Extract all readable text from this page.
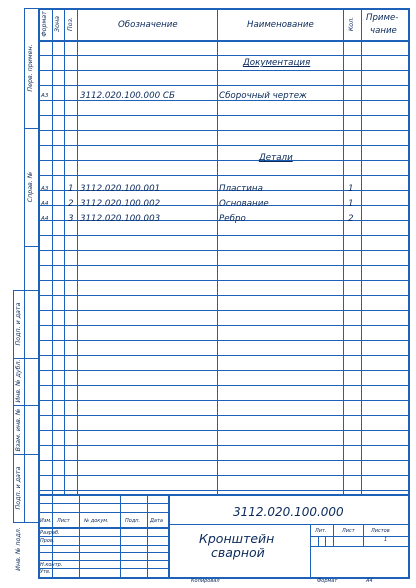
Перв. примен.
Справ. №
Подп. и дата
Инв. № дубл.
Взам. инв. №
Подп. и дата
Инв. № подл.
Формат Зона Поз.	Обозначение	Наименование	Кол. Приме-
чание
Документация
А3	3112.020.100.000 СБ	Сборочный чертеж
Детали
А3 1 3112.020.100.001	Пластина	1
А4 2 3112.020.100.002	Основание	1
А4 3 3112.020.100.003	Ребро	2
Изм. Лист	№ докум.	Подп. Дата
Разраб.
Пров.
Н.контр.
Утв.
3112.020.100.000
Кронштейн
сварной
Лит.	Лист	Листов
1
Копировал	Формат	А4
